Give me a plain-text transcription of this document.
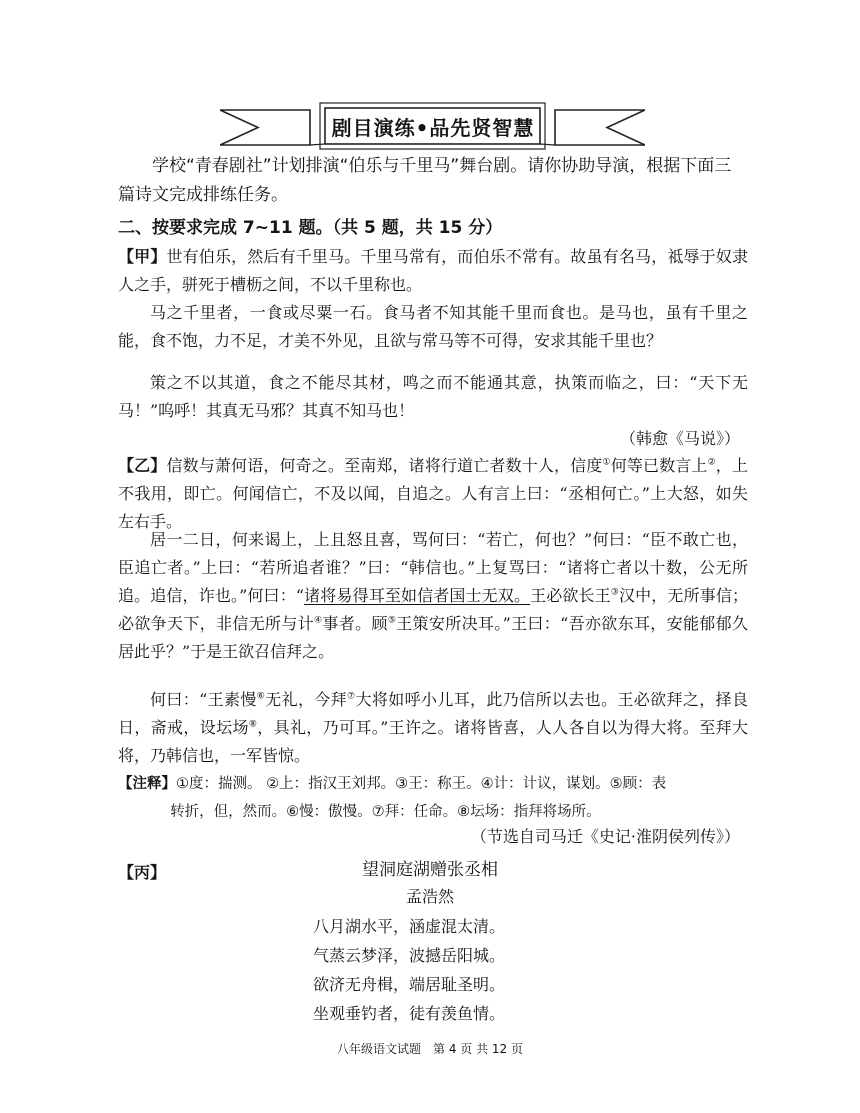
剧目演练•品先贤智慧
学校“青春剧社”计划排演“伯乐与千里马”舞台剧。请你协助导演，根据下面三篇诗文完成排练任务。
二、按要求完成 7~11 题。（共 5 题，共 15 分）

【甲】世有伯乐，然后有千里马。千里马常有，而伯乐不常有。故虽有名马，祗辱于奴隶人之手，骈死于槽枥之间，不以千里称也。

马之千里者，一食或尽粟一石。食马者不知其能千里而食也。是马也，虽有千里之能，食不饱，力不足，才美不外见，且欲与常马等不可得，安求其能千里也？

策之不以其道，食之不能尽其材，鸣之而不能通其意，执策而临之，曰：“天下无马！”呜呼！其真无马邪？其真不知马也！

（韩愈《马说》）

【乙】信数与萧何语，何奇之。至南郑，诸将行道亡者数十人，信度①何等已数言上②，上不我用，即亡。何闻信亡，不及以闻，自追之。人有言上曰：“丞相何亡。”上大怒，如失左右手。

居一二日，何来谒上，上且怒且喜，骂何曰：“若亡，何也？”何曰：“臣不敢亡也，臣追亡者。”上曰：“若所追者谁？”曰：“韩信也。”上复骂曰：“诸将亡者以十数，公无所追。追信，诈也。”何曰：“诸将易得耳至如信者国士无双。王必欲长王③汉中，无所事信；必欲争天下，非信无所与计④事者。顾⑤王策安所决耳。”王曰：“吾亦欲东耳，安能郁郁久居此乎？”于是王欲召信拜之。

何曰：“王素慢⑥无礼，今拜⑦大将如呼小儿耳，此乃信所以去也。王必欲拜之，择良日，斋戒，设坛场⑧，具礼，乃可耳。”王许之。诸将皆喜，人人各自以为得大将。至拜大将，乃韩信也，一军皆惊。

【注释】①度：揣测。 ②上：指汉王刘邦。③王：称王。④计：计议，谋划。⑤顾：表
转折，但，然而。⑥慢：傲慢。⑦拜：任命。⑧坛场：指拜将场所。
（节选自司马迁《史记·淮阴侯列传》）
【丙】	望洞庭湖赠张丞相
孟浩然
八月湖水平，涵虚混太清。
气蒸云梦泽，波撼岳阳城。
欲济无舟楫，端居耻圣明。
坐观垂钓者，徒有羡鱼情。
八年级语文试题　第 4 页 共 12 页
